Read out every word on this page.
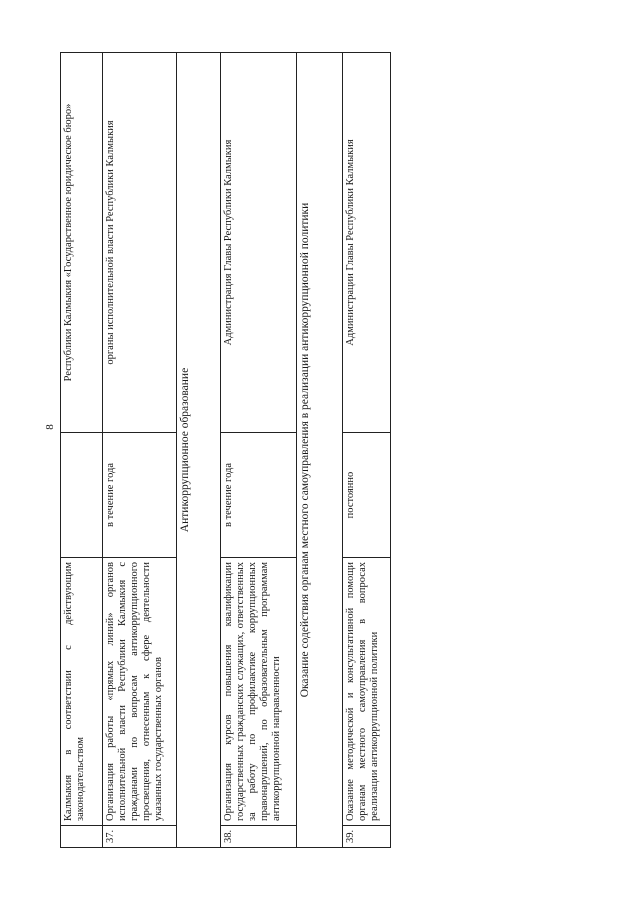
8
	Калмыкия в соответствии с действующим законодательством		Республики Калмыкия «Государственное юридическое бюро»
37.	Организация работы «прямых линий» органов исполнительной власти Республики Калмыкия с гражданами по вопросам антикоррупционного просвещения, отнесенным к сфере деятельности указанных государственных органов	в течение года	органы исполнительной власти Республики Калмыкия
Антикоррупционное образование			
38.	Организация курсов повышения квалификации государственных гражданских служащих, ответственных за работу по профилактике коррупционных правонарушений, по образовательным программам антикоррупционной направленности	в течение года	Администрация Главы Республики Калмыкия
Оказание содействия органам местного самоуправления в реализации антикоррупционной политики			
39.	Оказание методической и консультативной помощи органам местного самоуправления в вопросах реализации антикоррупционной политики	постоянно	Администрации Главы Республики Калмыкия
